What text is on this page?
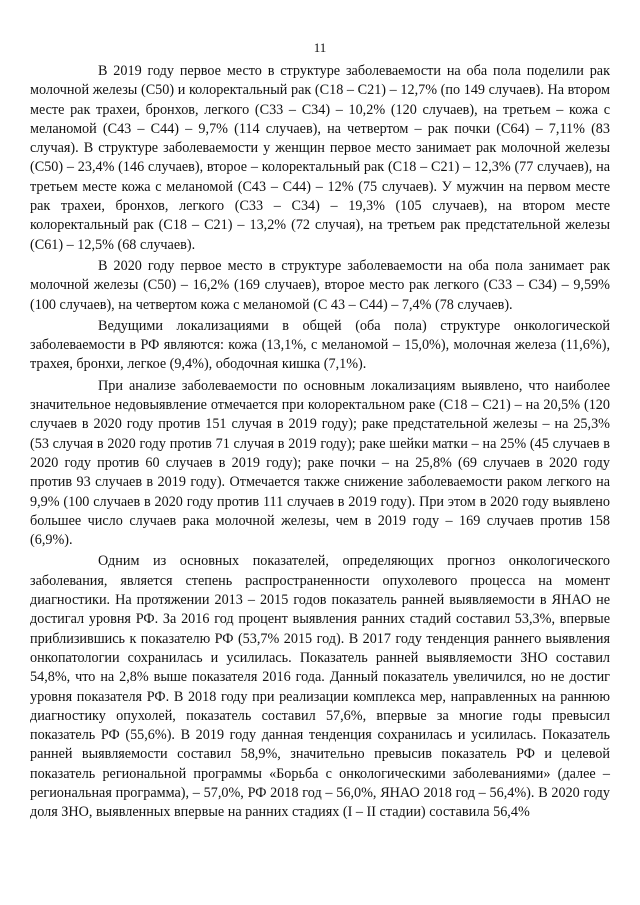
11

В 2019 году первое место в структуре заболеваемости на оба пола поделили рак молочной железы (С50) и колоректальный рак (С18 – С21) – 12,7% (по 149 случаев). На втором месте рак трахеи, бронхов, легкого (С33 – С34) – 10,2% (120 случаев), на третьем – кожа с меланомой (С43 – С44) – 9,7% (114 случаев), на четвертом – рак почки (С64) – 7,11% (83 случая). В структуре заболеваемости у женщин первое место занимает рак молочной железы (С50) – 23,4% (146 случаев), второе – колоректальный рак (С18 – С21) – 12,3% (77 случаев), на третьем месте кожа с меланомой (С43 – С44) – 12% (75 случаев). У мужчин на первом месте рак трахеи, бронхов, легкого (С33 – С34) – 19,3% (105 случаев), на втором месте колоректальный рак (С18 – С21) – 13,2% (72 случая), на третьем рак предстательной железы (С61) – 12,5% (68 случаев).

В 2020 году первое место в структуре заболеваемости на оба пола занимает рак молочной железы (С50) – 16,2% (169 случаев), второе место рак легкого (С33 – С34) – 9,59% (100 случаев), на четвертом кожа с меланомой (С 43 – С44) – 7,4% (78 случаев).

Ведущими локализациями в общей (оба пола) структуре онкологической заболеваемости в РФ являются: кожа (13,1%, с меланомой – 15,0%), молочная железа (11,6%), трахея, бронхи, легкое (9,4%), ободочная кишка (7,1%).

При анализе заболеваемости по основным локализациям выявлено, что наиболее значительное недовыявление отмечается при колоректальном раке (С18 – С21) – на 20,5% (120 случаев в 2020 году против 151 случая в 2019 году); раке предстательной железы – на 25,3% (53 случая в 2020 году против 71 случая в 2019 году); раке шейки матки – на 25% (45 случаев в 2020 году против 60 случаев в 2019 году); раке почки – на 25,8% (69 случаев в 2020 году против 93 случаев в 2019 году). Отмечается также снижение заболеваемости раком легкого на 9,9% (100 случаев в 2020 году против 111 случаев в 2019 году). При этом в 2020 году выявлено большее число случаев рака молочной железы, чем в 2019 году – 169 случаев против 158 (6,9%).

Одним из основных показателей, определяющих прогноз онкологического заболевания, является степень распространенности опухолевого процесса на момент диагностики. На протяжении 2013 – 2015 годов показатель ранней выявляемости в ЯНАО не достигал уровня РФ. За 2016 год процент выявления ранних стадий составил 53,3%, впервые приблизившись к показателю РФ (53,7% 2015 год). В 2017 году тенденция раннего выявления онкопатологии сохранилась и усилилась. Показатель ранней выявляемости ЗНО составил 54,8%, что на 2,8% выше показателя 2016 года. Данный показатель увеличился, но не достиг уровня показателя РФ. В 2018 году при реализации комплекса мер, направленных на раннюю диагностику опухолей, показатель составил 57,6%, впервые за многие годы превысил показатель РФ (55,6%). В 2019 году данная тенденция сохранилась и усилилась. Показатель ранней выявляемости составил 58,9%, значительно превысив показатель РФ и целевой показатель региональной программы «Борьба с онкологическими заболеваниями» (далее – региональная программа), – 57,0%, РФ 2018 год – 56,0%, ЯНАО 2018 год – 56,4%). В 2020 году доля ЗНО, выявленных впервые на ранних стадиях (I – II стадии) составила 56,4%
